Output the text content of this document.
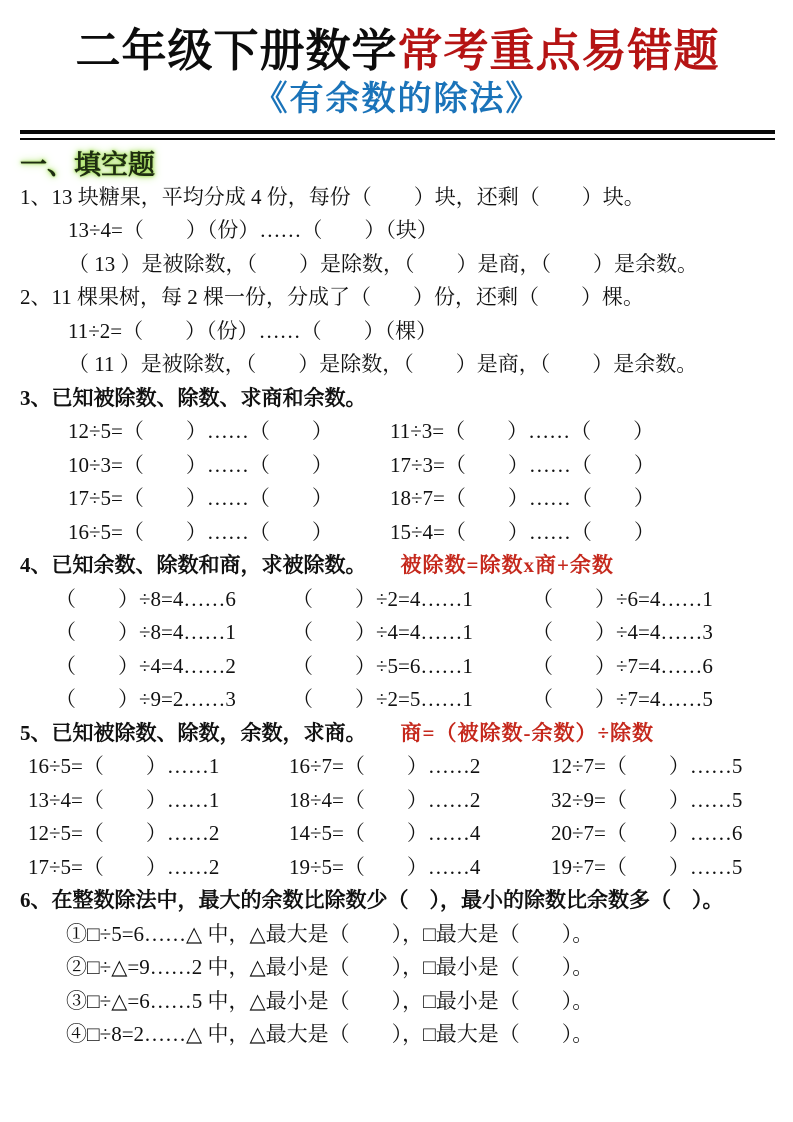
二年级下册数学常考重点易错题
《有余数的除法》
一、填空题

1、13 块糖果，平均分成 4 份，每份（　　）块，还剩（　　）块。

13÷4=（　　）（份）……（　　）（块）

（ 13 ）是被除数，（　　）是除数，（　　）是商，（　　）是余数。

2、11 棵果树，每 2 棵一份，分成了（　　）份，还剩（　　）棵。

11÷2=（　　）（份）……（　　）（棵）

（ 11 ）是被除数，（　　）是除数，（　　）是商，（　　）是余数。

3、已知被除数、除数、求商和余数。

12÷5=（　　）……（　　）	11÷3=（　　）……（　　）
10÷3=（　　）……（　　）	17÷3=（　　）……（　　）
17÷5=（　　）……（　　）	18÷7=（　　）……（　　）
16÷5=（　　）……（　　）	15÷4=（　　）……（　　）

4、已知余数、除数和商，求被除数。 被除数=除数x商+余数

（　　）÷8=4……6	（　　）÷2=4……1	（　　）÷6=4……1
（　　）÷8=4……1	（　　）÷4=4……1	（　　）÷4=4……3
（　　）÷4=4……2	（　　）÷5=6……1	（　　）÷7=4……6
（　　）÷9=2……3	（　　）÷2=5……1	（　　）÷7=4……5

5、已知被除数、除数，余数，求商。 商=（被除数-余数）÷除数

16÷5=（　　）……1	16÷7=（　　）……2	12÷7=（　　）……5
13÷4=（　　）……1	18÷4=（　　）……2	32÷9=（　　）……5
12÷5=（　　）……2	14÷5=（　　）……4	20÷7=（　　）……6
17÷5=（　　）……2	19÷5=（　　）……4	19÷7=（　　）……5

6、在整数除法中，最大的余数比除数少（　），最小的除数比余数多（　）。

①□÷5=6……△ 中，△最大是（　　），□最大是（　　）。

②□÷△=9……2 中，△最小是（　　），□最小是（　　）。

③□÷△=6……5 中，△最小是（　　），□最小是（　　）。

④□÷8=2……△ 中，△最大是（　　），□最大是（　　）。
